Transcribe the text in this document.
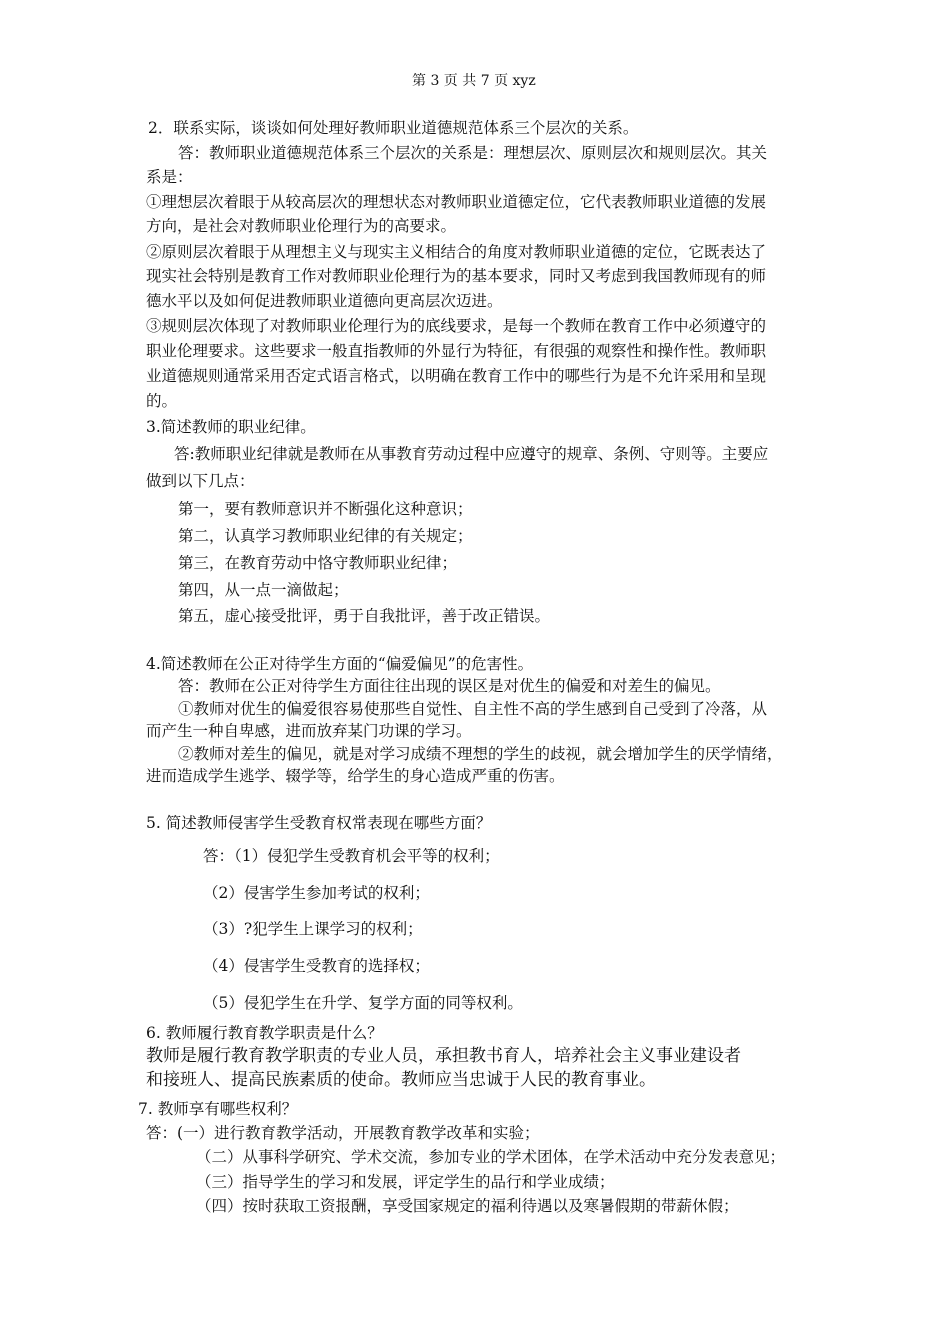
第 3 页 共 7 页 xyz
2．联系实际，谈谈如何处理好教师职业道德规范体系三个层次的关系。
答：教师职业道德规范体系三个层次的关系是：理想层次、原则层次和规则层次。其关
系是：
①理想层次着眼于从较高层次的理想状态对教师职业道德定位，它代表教师职业道德的发展
方向，是社会对教师职业伦理行为的高要求。
②原则层次着眼于从理想主义与现实主义相结合的角度对教师职业道德的定位，它既表达了
现实社会特别是教育工作对教师职业伦理行为的基本要求，同时又考虑到我国教师现有的师
德水平以及如何促进教师职业道德向更高层次迈进。
③规则层次体现了对教师职业伦理行为的底线要求，是每一个教师在教育工作中必须遵守的
职业伦理要求。这些要求一般直指教师的外显行为特征，有很强的观察性和操作性。教师职
业道德规则通常采用否定式语言格式，以明确在教育工作中的哪些行为是不允许采用和呈现
的。
3.简述教师的职业纪律。
答:教师职业纪律就是教师在从事教育劳动过程中应遵守的规章、条例、守则等。主要应
做到以下几点：
第一，要有教师意识并不断强化这种意识；
第二，认真学习教师职业纪律的有关规定；
第三，在教育劳动中恪守教师职业纪律；
第四，从一点一滴做起；
第五，虚心接受批评，勇于自我批评，善于改正错误。
4.简述教师在公正对待学生方面的“偏爱偏见”的危害性。
答：教师在公正对待学生方面往往出现的误区是对优生的偏爱和对差生的偏见。
①教师对优生的偏爱很容易使那些自觉性、自主性不高的学生感到自己受到了冷落，从
而产生一种自卑感，进而放弃某门功课的学习。
②教师对差生的偏见，就是对学习成绩不理想的学生的歧视，就会增加学生的厌学情绪，
进而造成学生逃学、辍学等，给学生的身心造成严重的伤害。
5. 简述教师侵害学生受教育权常表现在哪些方面？
答：（1）侵犯学生受教育机会平等的权利；
（2）侵害学生参加考试的权利；
（3）?犯学生上课学习的权利；
（4）侵害学生受教育的选择权；
（5）侵犯学生在升学、复学方面的同等权利。
6. 教师履行教育教学职责是什么？
教师是履行教育教学职责的专业人员，承担教书育人，培养社会主义事业建设者
和接班人、提高民族素质的使命。教师应当忠诚于人民的教育事业。
7. 教师享有哪些权利？
答：(一）进行教育教学活动，开展教育教学改革和实验；
（二）从事科学研究、学术交流，参加专业的学术团体，在学术活动中充分发表意见；
（三）指导学生的学习和发展，评定学生的品行和学业成绩；
（四）按时获取工资报酬，享受国家规定的福利待遇以及寒暑假期的带薪休假；
